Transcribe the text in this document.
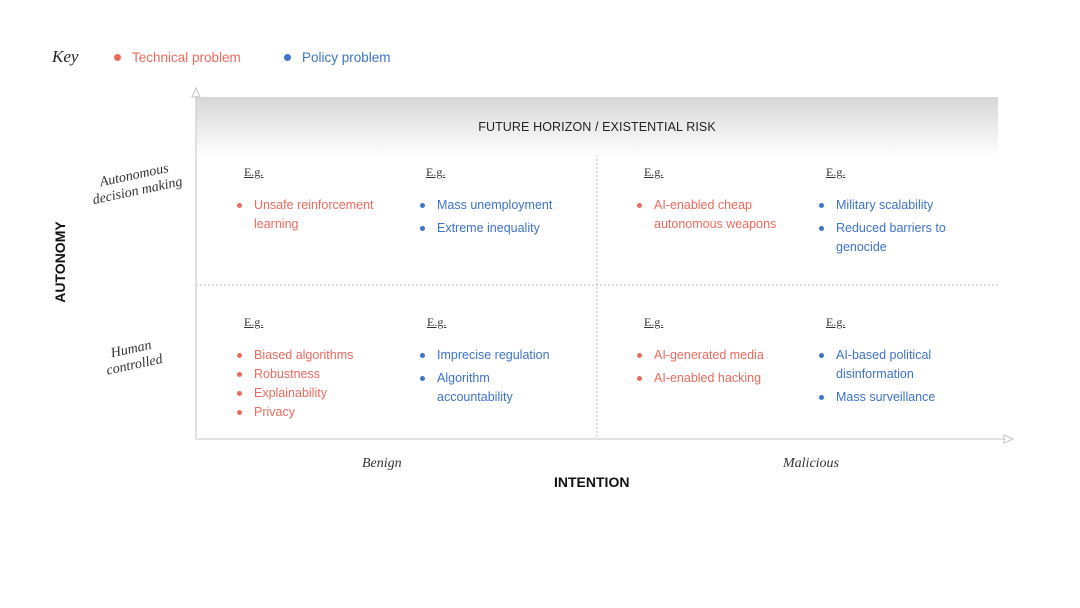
Key	Technical problem	Policy problem
FUTURE HORIZON / EXISTENTIAL RISK
AUTONOMY
Autonomous decision making
Human controlled
Benign	Malicious
INTENTION
E.g.
Unsafe reinforcement learning
E.g.
Mass unemployment
Extreme inequality
E.g.
AI-enabled cheap autonomous weapons
E.g.
Military scalability
Reduced barriers to genocide
E.g.
Biased algorithms
Robustness
Explainability
Privacy
E.g.
Imprecise regulation
Algorithm accountability
E.g.
AI-generated media
AI-enabled hacking
E.g.
AI-based political disinformation
Mass surveillance
